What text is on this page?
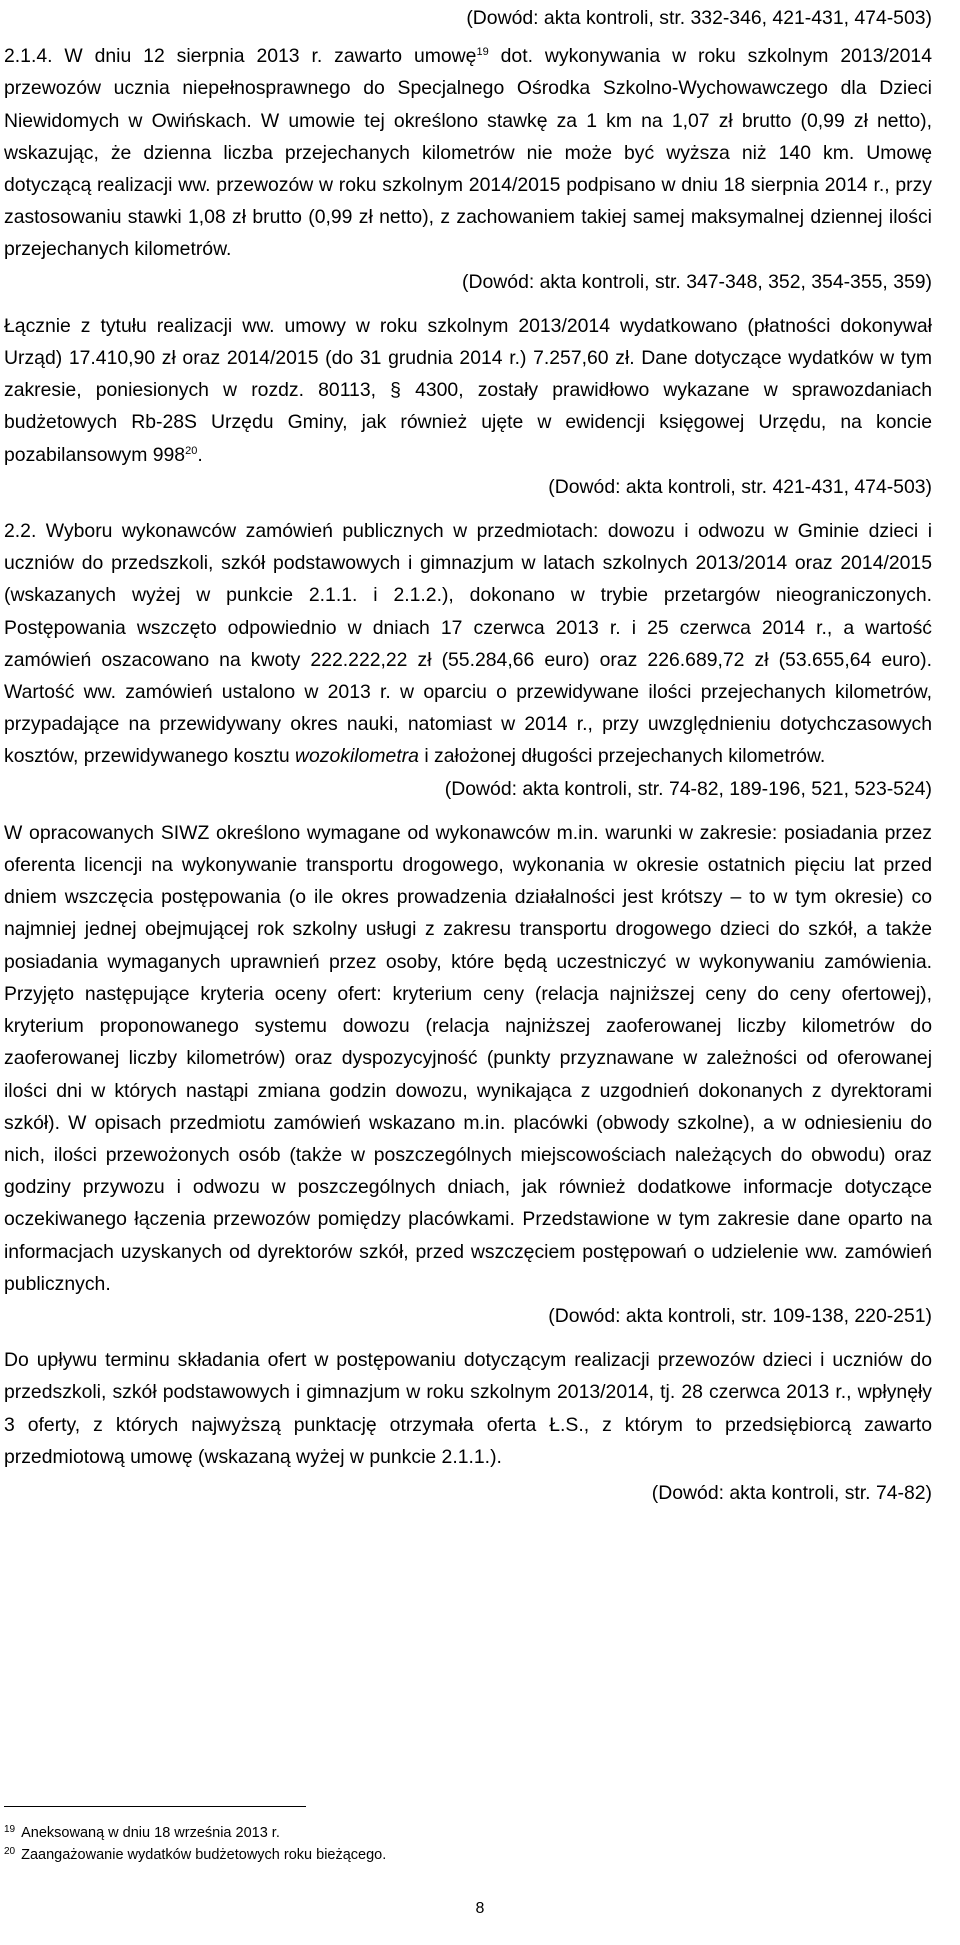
(Dowód: akta kontroli, str. 332-346, 421-431, 474-503)

2.1.4. W dniu 12 sierpnia 2013 r. zawarto umowę$^{19}$ dot. wykonywania w roku szkolnym 2013/2014 przewozów ucznia niepełnosprawnego do Specjalnego Ośrodka Szkolno-Wychowawczego dla Dzieci Niewidomych w Owińskach. W umowie tej określono stawkę za 1 km na 1,07 zł brutto (0,99 zł netto), wskazując, że dzienna liczba przejechanych kilometrów nie może być wyższa niż 140 km. Umowę dotyczącą realizacji ww. przewozów w roku szkolnym 2014/2015 podpisano w dniu 18 sierpnia 2014 r., przy zastosowaniu stawki 1,08 zł brutto (0,99 zł netto), z zachowaniem takiej samej maksymalnej dziennej ilości przejechanych kilometrów.

(Dowód: akta kontroli, str. 347-348, 352, 354-355, 359)

Łącznie z tytułu realizacji ww. umowy w roku szkolnym 2013/2014 wydatkowano (płatności dokonywał Urząd) 17.410,90 zł oraz 2014/2015 (do 31 grudnia 2014 r.) 7.257,60 zł. Dane dotyczące wydatków w tym zakresie, poniesionych w rozdz. 80113, § 4300, zostały prawidłowo wykazane w sprawozdaniach budżetowych Rb-28S Urzędu Gminy, jak również ujęte w ewidencji księgowej Urzędu, na koncie pozabilansowym $998^{20}$.

(Dowód: akta kontroli, str. 421-431, 474-503)

2.2. Wyboru wykonawców zamówień publicznych w przedmiotach: dowozu i odwozu w Gminie dzieci i uczniów do przedszkoli, szkół podstawowych i gimnazjum w latach szkolnych 2013/2014 oraz 2014/2015 (wskazanych wyżej w punkcie 2.1.1. i 2.1.2.), dokonano w trybie przetargów nieograniczonych. Postępowania wszczęto odpowiednio w dniach 17 czerwca 2013 r. i 25 czerwca 2014 r., a wartość zamówień oszacowano na kwoty 222.222,22 zł (55.284,66 euro) oraz 226.689,72 zł (53.655,64 euro). Wartość ww. zamówień ustalono w 2013 r. w oparciu o przewidywane ilości przejechanych kilometrów, przypadające na przewidywany okres nauki, natomiast w 2014 r., przy uwzględnieniu dotychczasowych kosztów, przewidywanego kosztu wozokilometra i założonej długości przejechanych kilometrów.

(Dowód: akta kontroli, str. 74-82, 189-196, 521, 523-524)

W opracowanych SIWZ określono wymagane od wykonawców m.in. warunki w zakresie: posiadania przez oferenta licencji na wykonywanie transportu drogowego, wykonania w okresie ostatnich pięciu lat przed dniem wszczęcia postępowania (o ile okres prowadzenia działalności jest krótszy – to w tym okresie) co najmniej jednej obejmującej rok szkolny usługi z zakresu transportu drogowego dzieci do szkół, a także posiadania wymaganych uprawnień przez osoby, które będą uczestniczyć w wykonywaniu zamówienia. Przyjęto następujące kryteria oceny ofert: kryterium ceny (relacja najniższej ceny do ceny ofertowej), kryterium proponowanego systemu dowozu (relacja najniższej zaoferowanej liczby kilometrów do zaoferowanej liczby kilometrów) oraz dyspozycyjność (punkty przyznawane w zależności od oferowanej ilości dni w których nastąpi zmiana godzin dowozu, wynikająca z uzgodnień dokonanych z dyrektorami szkół). W opisach przedmiotu zamówień wskazano m.in. placówki (obwody szkolne), a w odniesieniu do nich, ilości przewożonych osób (także w poszczególnych miejscowościach należących do obwodu) oraz godziny przywozu i odwozu w poszczególnych dniach, jak również dodatkowe informacje dotyczące oczekiwanego łączenia przewozów pomiędzy placówkami. Przedstawione w tym zakresie dane oparto na informacjach uzyskanych od dyrektorów szkół, przed wszczęciem postępowań o udzielenie ww. zamówień publicznych.

(Dowód: akta kontroli, str. 109-138, 220-251)

Do upływu terminu składania ofert w postępowaniu dotyczącym realizacji przewozów dzieci i uczniów do przedszkoli, szkół podstawowych i gimnazjum w roku szkolnym 2013/2014, tj. 28 czerwca 2013 r., wpłynęły 3 oferty, z których najwyższą punktację otrzymała oferta Ł.S., z którym to przedsiębiorcą zawarto przedmiotową umowę (wskazaną wyżej w punkcie 2.1.1.).

(Dowód: akta kontroli, str. 74-82)

$^{19}$ Aneksowaną w dniu 18 września 2013 r.
$^{20}$ Zaangażowanie wydatków budżetowych roku bieżącego.
8
